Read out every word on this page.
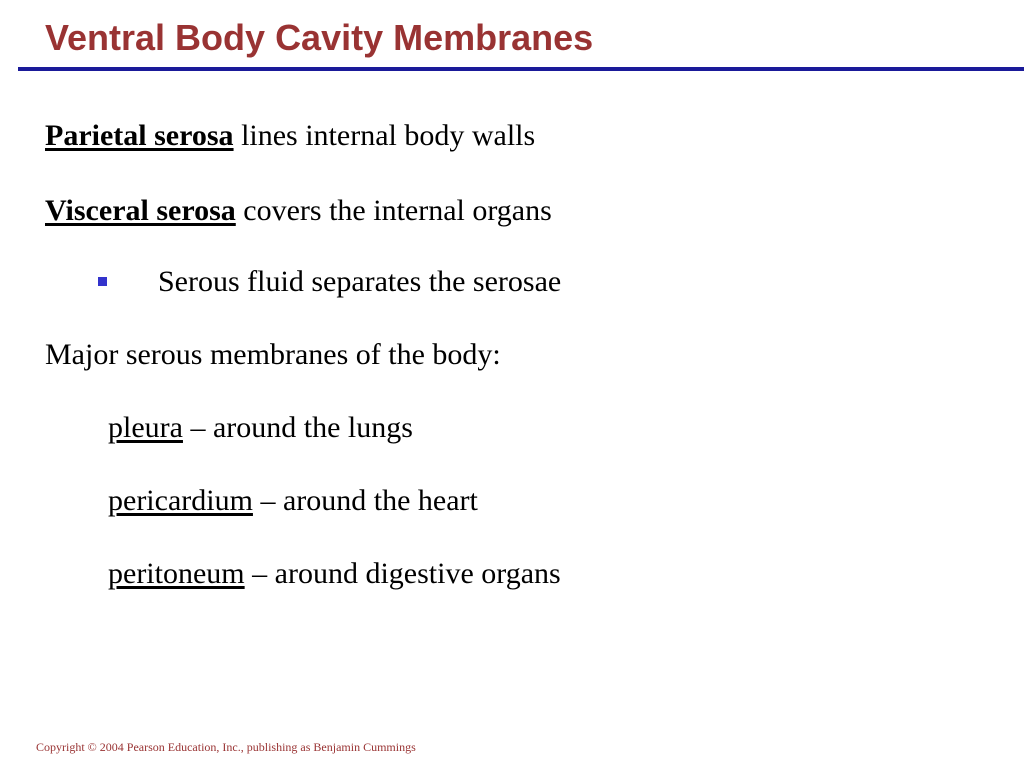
Ventral Body Cavity Membranes
Parietal serosa lines internal body walls
Visceral serosa covers the internal organs
Serous fluid separates the serosae
Major serous membranes of the body:
pleura – around the lungs
pericardium – around the heart
peritoneum – around digestive organs
Copyright © 2004 Pearson Education, Inc., publishing as Benjamin Cummings
